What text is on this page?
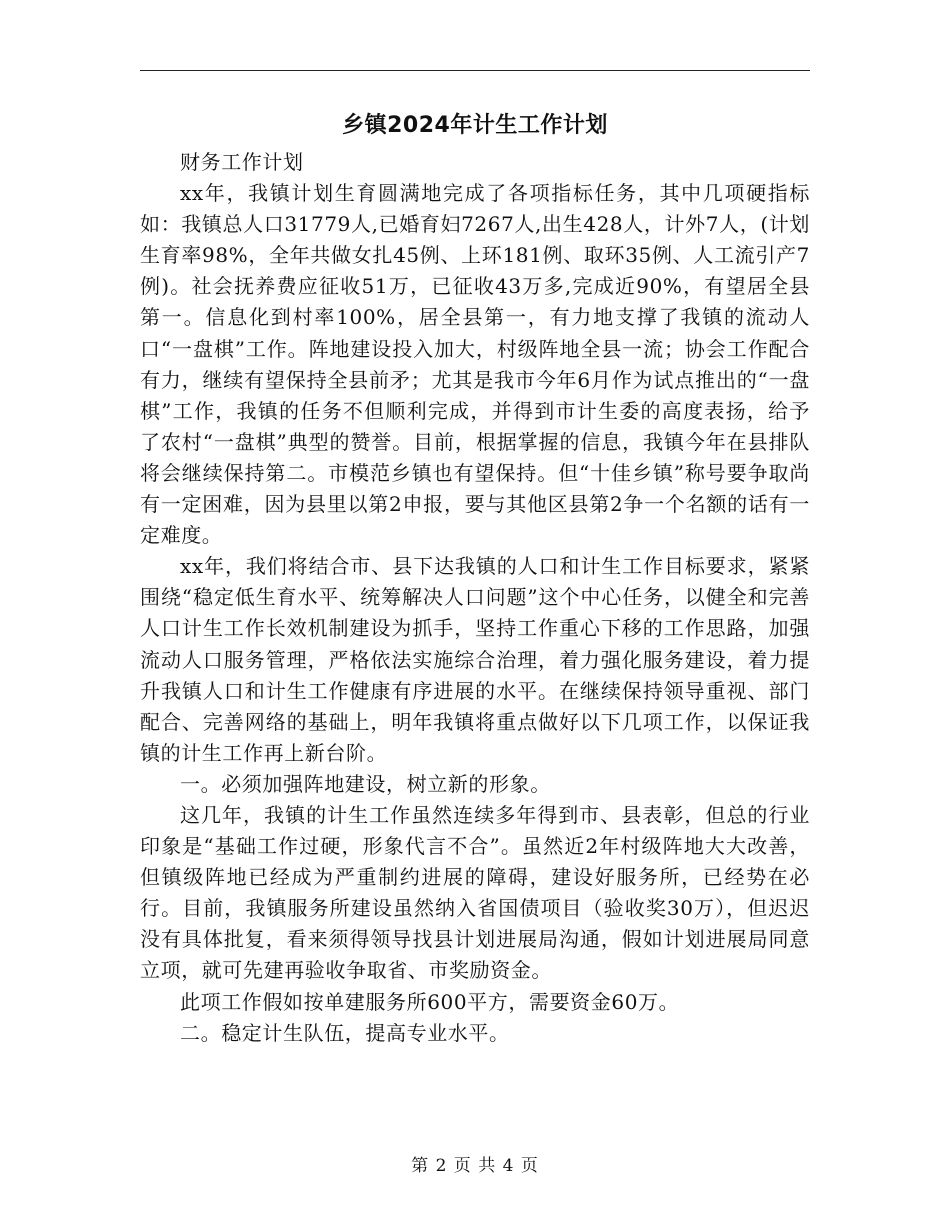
乡镇2024年计生工作计划

财务工作计划

xx年，我镇计划生育圆满地完成了各项指标任务，其中几项硬指标如：我镇总人口31779人,已婚育妇7267人,出生428人，计外7人，(计划生育率98%，全年共做女扎45例、上环181例、取环35例、人工流引产7例)。社会抚养费应征收51万，已征收43万多,完成近90%，有望居全县第一。信息化到村率100%，居全县第一，有力地支撑了我镇的流动人口“一盘棋”工作。阵地建设投入加大，村级阵地全县一流；协会工作配合有力，继续有望保持全县前矛；尤其是我市今年6月作为试点推出的“一盘棋”工作，我镇的任务不但顺利完成，并得到市计生委的高度表扬，给予了农村“一盘棋”典型的赞誉。目前，根据掌握的信息，我镇今年在县排队将会继续保持第二。市模范乡镇也有望保持。但“十佳乡镇”称号要争取尚有一定困难，因为县里以第2申报，要与其他区县第2争一个名额的话有一定难度。

xx年，我们将结合市、县下达我镇的人口和计生工作目标要求，紧紧围绕“稳定低生育水平、统筹解决人口问题”这个中心任务，以健全和完善人口计生工作长效机制建设为抓手，坚持工作重心下移的工作思路，加强流动人口服务管理，严格依法实施综合治理，着力强化服务建设，着力提升我镇人口和计生工作健康有序进展的水平。在继续保持领导重视、部门配合、完善网络的基础上，明年我镇将重点做好以下几项工作，以保证我镇的计生工作再上新台阶。

一。必须加强阵地建设，树立新的形象。

这几年，我镇的计生工作虽然连续多年得到市、县表彰，但总的行业印象是“基础工作过硬，形象代言不合”。虽然近2年村级阵地大大改善，但镇级阵地已经成为严重制约进展的障碍，建设好服务所，已经势在必行。目前，我镇服务所建设虽然纳入省国债项目（验收奖30万），但迟迟没有具体批复，看来须得领导找县计划进展局沟通，假如计划进展局同意立项，就可先建再验收争取省、市奖励资金。

此项工作假如按单建服务所600平方，需要资金60万。

二。稳定计生队伍，提高专业水平。

第 2 页 共 4 页
